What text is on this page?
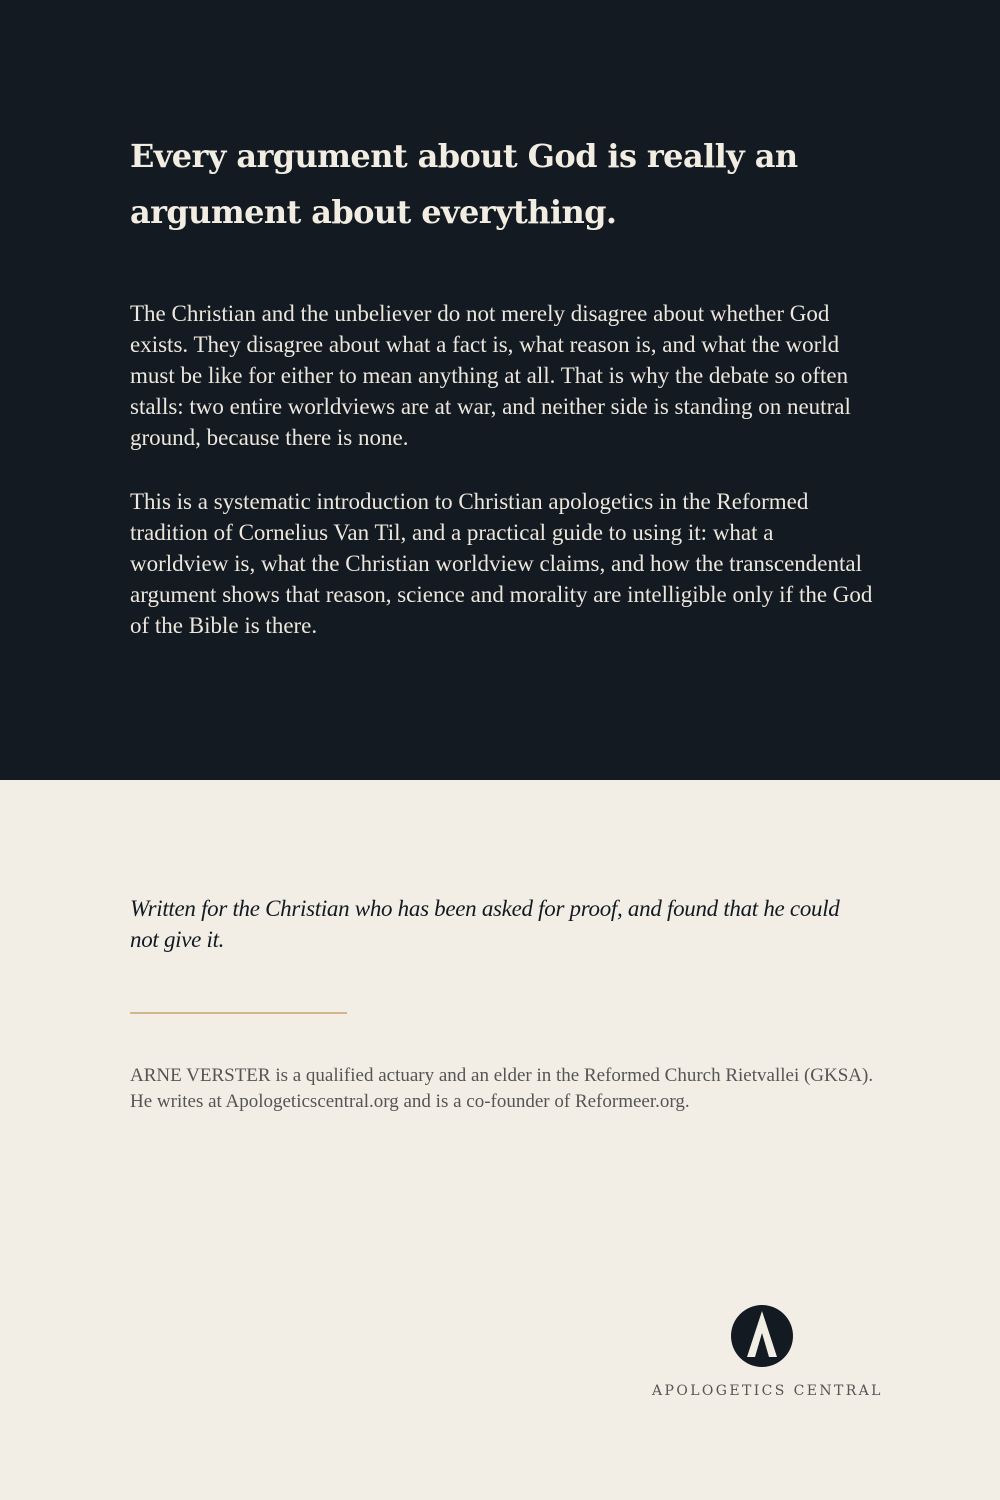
Every argument about God is really an argument about everything.

The Christian and the unbeliever do not merely disagree about whether God exists. They disagree about what a fact is, what reason is, and what the world must be like for either to mean anything at all. That is why the debate so often stalls: two entire worldviews are at war, and neither side is standing on neutral ground, because there is none.

This is a systematic introduction to Christian apologetics in the Reformed tradition of Cornelius Van Til, and a practical guide to using it: what a worldview is, what the Christian worldview claims, and how the transcendental argument shows that reason, science and morality are intelligible only if the God of the Bible is there.

Written for the Christian who has been asked for proof, and found that he could not give it.

ARNE VERSTER is a qualified actuary and an elder in the Reformed Church Rietvallei (GKSA). He writes at Apologeticscentral.org and is a co-founder of Reformeer.org.

APOLOGETICS CENTRAL
